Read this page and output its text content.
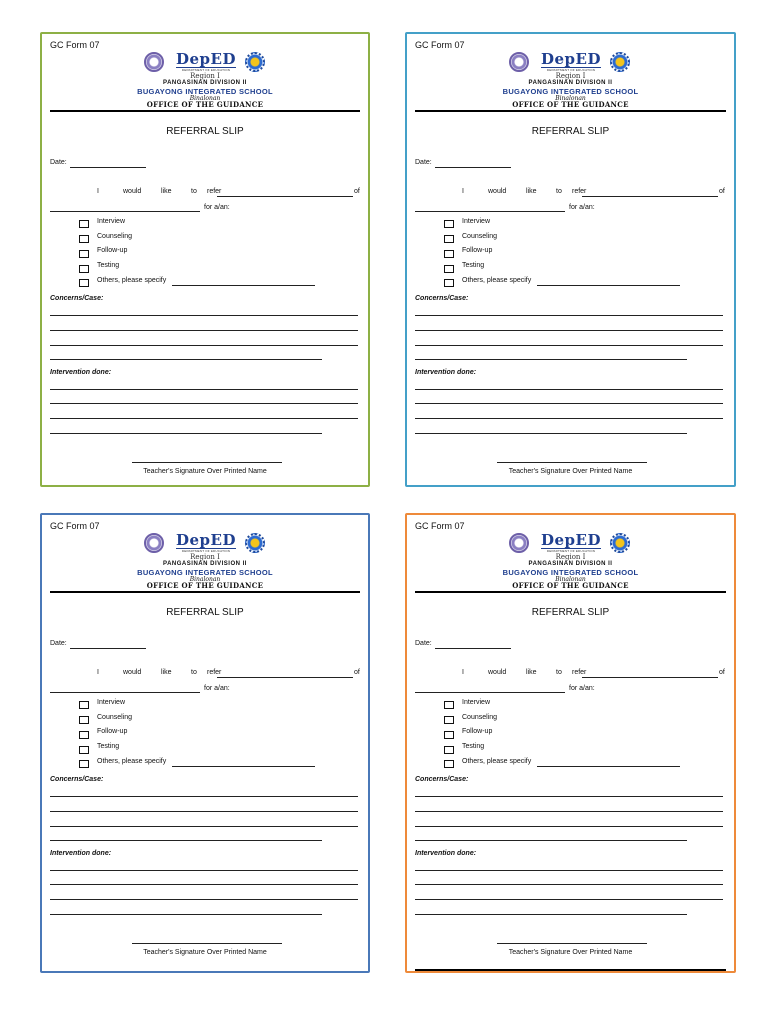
GC Form 07
DepED
DEPARTMENT OF EDUCATION
Region I
PANGASINAN DIVISION II
BUGAYONG INTEGRATED SCHOOL
Binalonan
OFFICE OF THE GUIDANCE
REFERRAL SLIP
Date:
I	would	like	to refer	of
for a/an:
Interview
Counseling
Follow-up
Testing
Others, please specify
Concerns/Case:
Intervention done:
Teacher's Signature Over Printed Name
GC Form 07
DepED
DEPARTMENT OF EDUCATION
Region I
PANGASINAN DIVISION II
BUGAYONG INTEGRATED SCHOOL
Binalonan
OFFICE OF THE GUIDANCE
REFERRAL SLIP
Date:
I	would	like	to refer	of
for a/an:
Interview
Counseling
Follow-up
Testing
Others, please specify
Concerns/Case:
Intervention done:
Teacher's Signature Over Printed Name
GC Form 07
DepED
DEPARTMENT OF EDUCATION
Region I
PANGASINAN DIVISION II
BUGAYONG INTEGRATED SCHOOL
Binalonan
OFFICE OF THE GUIDANCE
REFERRAL SLIP
Date:
I	would	like	to refer	of
for a/an:
Interview
Counseling
Follow-up
Testing
Others, please specify
Concerns/Case:
Intervention done:
Teacher's Signature Over Printed Name
GC Form 07
DepED
DEPARTMENT OF EDUCATION
Region I
PANGASINAN DIVISION II
BUGAYONG INTEGRATED SCHOOL
Binalonan
OFFICE OF THE GUIDANCE
REFERRAL SLIP
Date:
I	would	like	to refer	of
for a/an:
Interview
Counseling
Follow-up
Testing
Others, please specify
Concerns/Case:
Intervention done:
Teacher's Signature Over Printed Name
